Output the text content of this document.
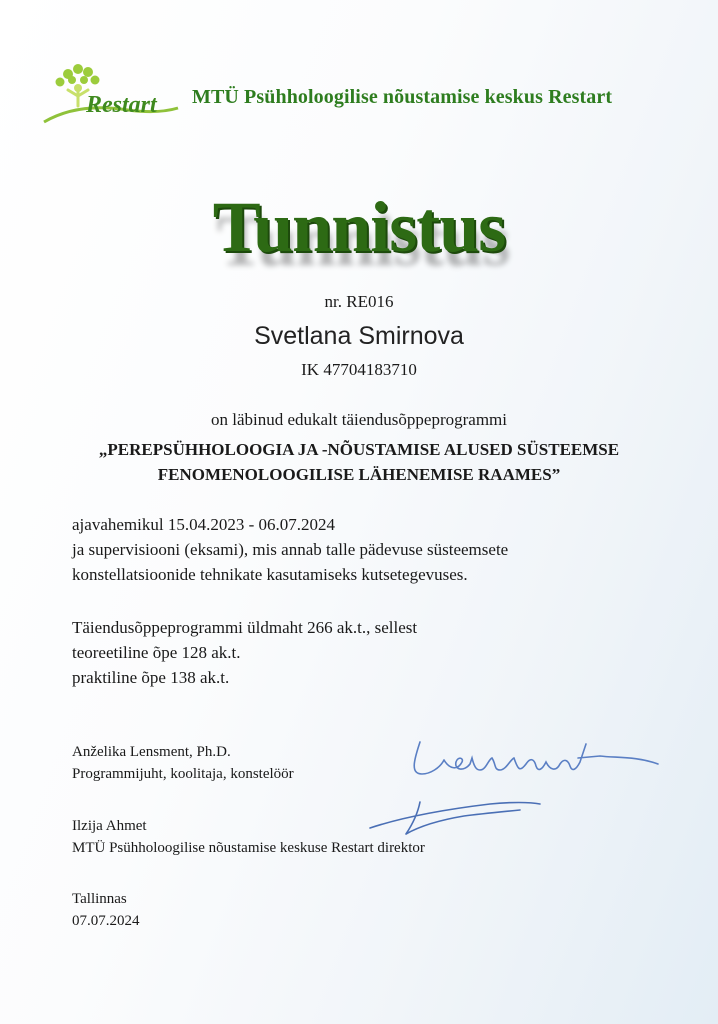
Restart MTÜ Psühholoogilise nõustamise keskus Restart
Tunnistus
nr. RE016
Svetlana Smirnova
IK 47704183710
on läbinud edukalt täiendusõppeprogrammi
„PEREPSÜHHOLOOGIA JA -NÕUSTAMISE ALUSED SÜSTEEMSE
FENOMENOLOOGILISE LÄHENEMISE RAAMES”
ajavahemikul 15.04.2023 - 06.07.2024
ja supervisiooni (eksami), mis annab talle pädevuse süsteemsete
konstellatsioonide tehnikate kasutamiseks kutsetegevuses.
Täiendusõppeprogrammi üldmaht 266 ak.t., sellest
teoreetiline õpe 128 ak.t.
praktiline õpe 138 ak.t.
Anželika Lensment, Ph.D.
Programmijuht, koolitaja, konstelöör
Ilzija Ahmet
MTÜ Psühholoogilise nõustamise keskuse Restart direktor
Tallinnas
07.07.2024
